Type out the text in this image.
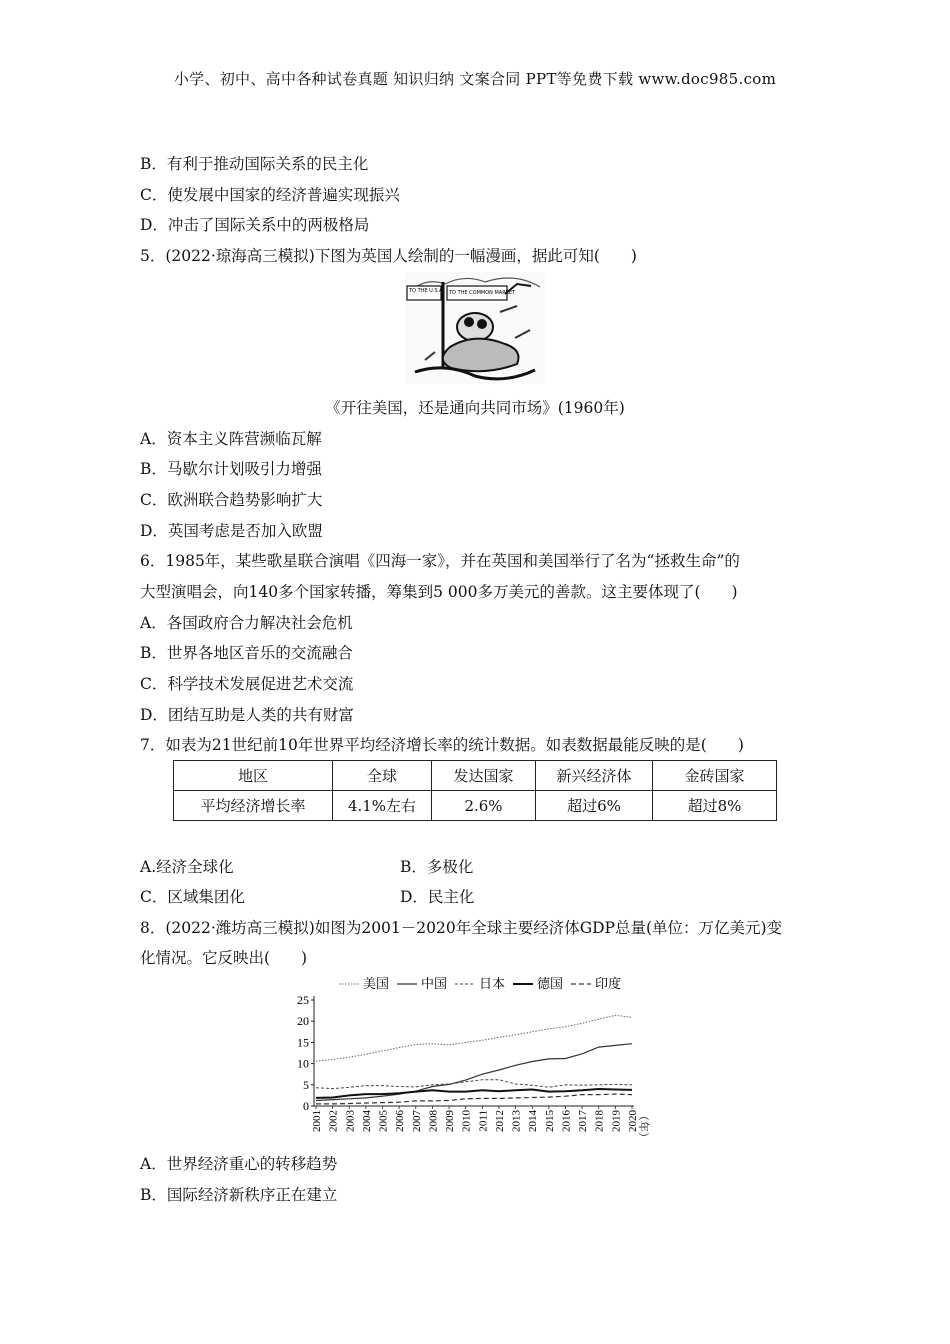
小学、初中、高中各种试卷真题 知识归纳 文案合同 PPT等免费下载 www.doc985.com
B．有利于推动国际关系的民主化
C．使发展中国家的经济普遍实现振兴
D．冲击了国际关系中的两极格局
5．(2022·琼海高三模拟)下图为英国人绘制的一幅漫画，据此可知(　　)
TO THE U.S.A TO THE COMMON MARKET
《开往美国，还是通向共同市场》(1960年)
A．资本主义阵营濒临瓦解
B．马歇尔计划吸引力增强
C．欧洲联合趋势影响扩大
D．英国考虑是否加入欧盟
6．1985年，某些歌星联合演唱《四海一家》，并在英国和美国举行了名为“拯救生命”的
大型演唱会，向140多个国家转播，筹集到5 000多万美元的善款。这主要体现了(　　)
A．各国政府合力解决社会危机
B．世界各地区音乐的交流融合
C．科学技术发展促进艺术交流
D．团结互助是人类的共有财富
7．如表为21世纪前10年世界平均经济增长率的统计数据。如表数据最能反映的是(　　)
地区	全球	发达国家	新兴经济体	金砖国家
平均经济增长率	4.1%左右	2.6%	超过6%	超过8%
A.经济全球化	B．多极化
C．区域集团化	D．民主化
8．(2022·潍坊高三模拟)如图为2001－2020年全球主要经济体GDP总量(单位：万亿美元)变
化情况。它反映出(　　)
0
5
10
15
20
25
2001 2002 2003 2004 2005 2006 2007 2008 2009 2010 2011 2012 2013 2014 2015 2016 2017 2018 2019 2020
（年）
美国 中国 日本 德国 印度
A．世界经济重心的转移趋势
B．国际经济新秩序正在建立
